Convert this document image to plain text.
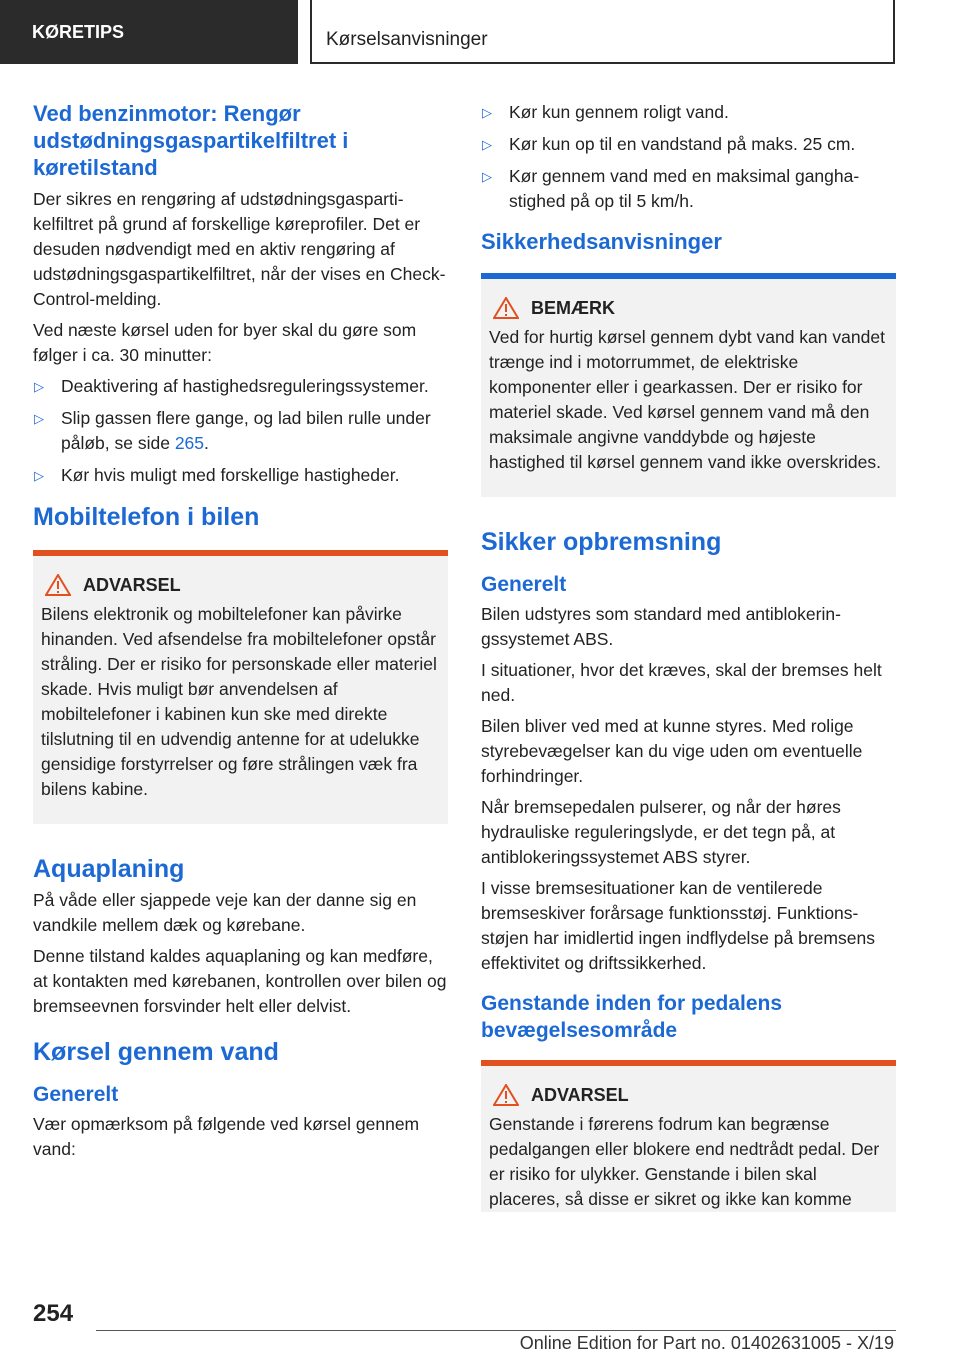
KØRETIPS	Kørselsanvisninger
Ved benzinmotor: Rengør udstødningsgaspartikelfiltret i køretilstand

Der sikres en rengøring af udstødningsgaspartikelfiltret på grund af forskellige køreprofiler. Det er desuden nødvendigt med en aktiv rengøring af udstødningsgaspartikelfiltret, når der vises en Check-Control-melding.

Ved næste kørsel uden for byer skal du gøre som følger i ca. 30 minutter:

▷ Deaktivering af hastighedsreguleringssystemer.
▷ Slip gassen flere gange, og lad bilen rulle under påløb, se side 265.
▷ Kør hvis muligt med forskellige hastigheder.
Mobiltelefon i bilen
ADVARSEL

Bilens elektronik og mobiltelefoner kan påvirke hinanden. Ved afsendelse fra mobiltelefoner opstår stråling. Der er risiko for personskade eller materiel skade. Hvis muligt bør anvendelsen af mobiltelefoner i kabinen kun ske med direkte tilslutning til en udvendig antenne for at udelukke gensidige forstyrrelser og føre strålingen væk fra bilens kabine.

Aquaplaning

På våde eller sjappede veje kan der danne sig en vandkile mellem dæk og kørebane.

Denne tilstand kaldes aquaplaning og kan medføre, at kontakten med kørebanen, kontrollen over bilen og bremseevnen forsvinder helt eller delvist.

Kørsel gennem vand
Generelt

Vær opmærksom på følgende ved kørsel gennem vand:

▷ Kør kun gennem roligt vand.
▷ Kør kun op til en vandstand på maks. 25 cm.
▷ Kør gennem vand med en maksimal ganghastighed på op til 5 km/h.
Sikkerhedsanvisninger
BEMÆRK

Ved for hurtig kørsel gennem dybt vand kan vandet trænge ind i motorrummet, de elektriske komponenter eller i gearkassen. Der er risiko for materiel skade. Ved kørsel gennem vand må den maksimale angivne vanddybde og højeste hastighed til kørsel gennem vand ikke overskrides.

Sikker opbremsning
Generelt

Bilen udstyres som standard med antiblokeringssystemet ABS.

I situationer, hvor det kræves, skal der bremses helt ned.

Bilen bliver ved med at kunne styres. Med rolige styrebevægelser kan du vige uden om eventuelle forhindringer.

Når bremsepedalen pulserer, og når der høres hydrauliske reguleringslyde, er det tegn på, at antiblokeringssystemet ABS styrer.

I visse bremsesituationer kan de ventilerede bremseskiver forårsage funktionsstøj. Funktionsstøjen har imidlertid ingen indflydelse på bremsens effektivitet og driftssikkerhed.

Genstande inden for pedalens bevægelsesområde
ADVARSEL

Genstande i førerens fodrum kan begrænse pedalgangen eller blokere end nedtrådt pedal. Der er risiko for ulykker. Genstande i bilen skal placeres, så disse er sikret og ikke kan komme

254
Online Edition for Part no. 01402631005 - X/19
